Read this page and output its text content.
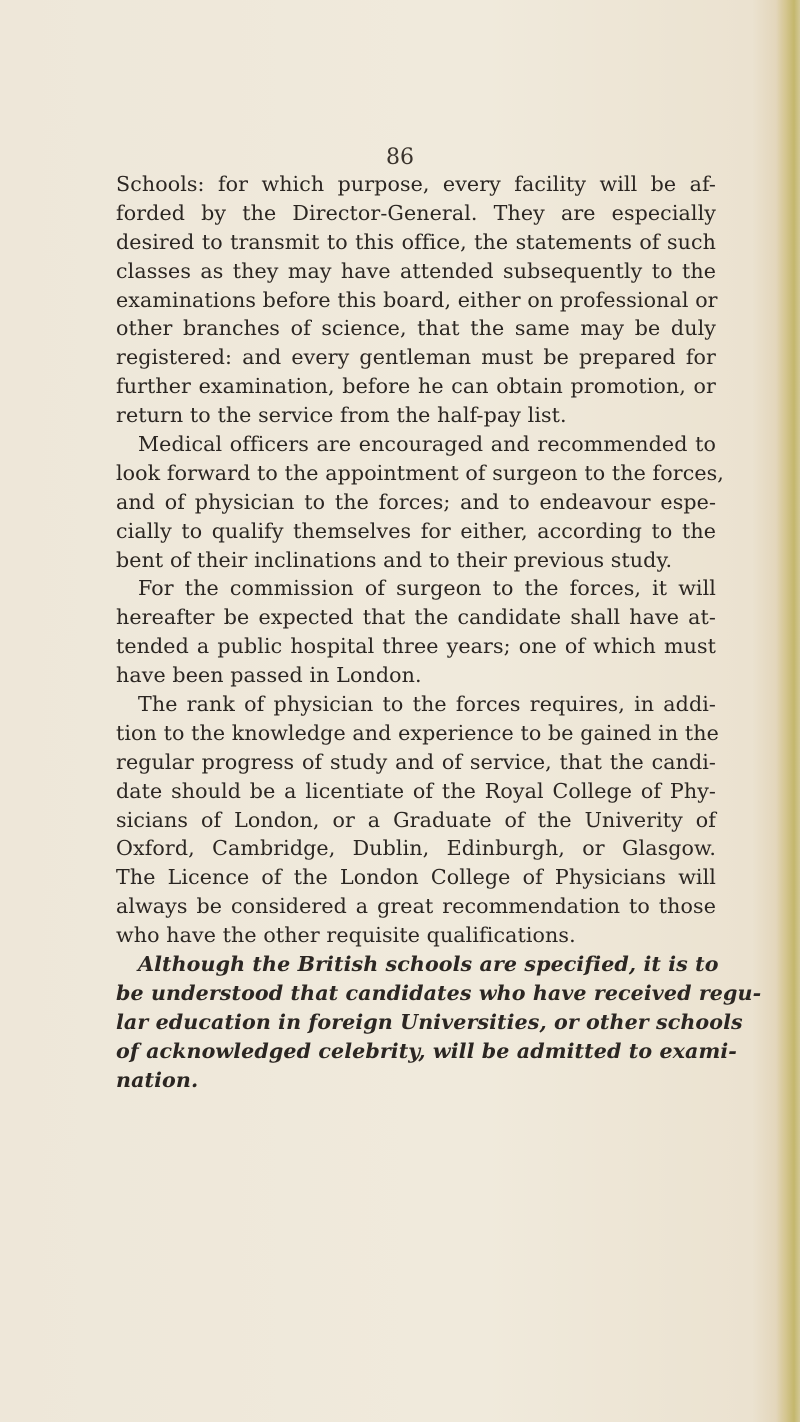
86
Schools: for which purpose, every facility will be af-
forded by the Director-General. They are especially
desired to transmit to this office, the statements of such
classes as they may have attended subsequently to the
examinations before this board, either on professional or
other branches of science, that the same may be duly
registered: and every gentleman must be prepared for
further examination, before he can obtain promotion, or
return to the service from the half-pay list.
Medical officers are encouraged and recommended to
look forward to the appointment of surgeon to the forces,
and of physician to the forces; and to endeavour espe-
cially to qualify themselves for either, according to the
bent of their inclinations and to their previous study.
For the commission of surgeon to the forces, it will
hereafter be expected that the candidate shall have at-
tended a public hospital three years; one of which must
have been passed in London.
The rank of physician to the forces requires, in addi-
tion to the knowledge and experience to be gained in the
regular progress of study and of service, that the candi-
date should be a licentiate of the Royal College of Phy-
sicians of London, or a Graduate of the Univerity of
Oxford, Cambridge, Dublin, Edinburgh, or Glasgow.
The Licence of the London College of Physicians will
always be considered a great recommendation to those
who have the other requisite qualifications.
Although the British schools are specified, it is to
be understood that candidates who have received regu-
lar education in foreign Universities, or other schools
of acknowledged celebrity, will be admitted to exami-
nation.
